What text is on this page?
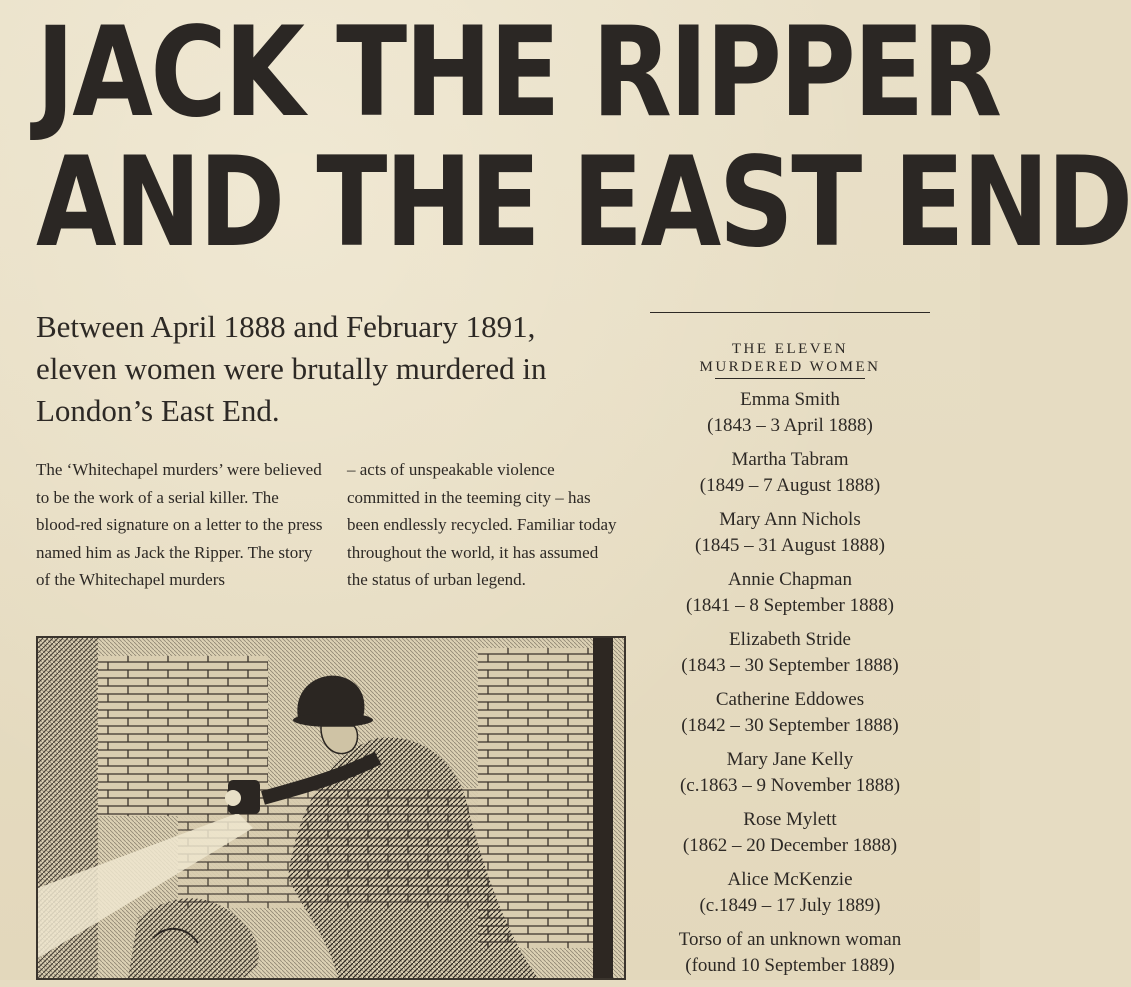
JACK THE RIPPER
AND THE EAST END
Between April 1888 and February 1891, eleven women were brutally murdered in London’s East End.
The ‘Whitechapel murders’ were believed to be the work of a serial killer. The blood-red signature on a letter to the press named him as Jack the Ripper. The story of the Whitechapel murders
– acts of unspeakable violence committed in the teeming city – has been endlessly recycled. Familiar today throughout the world, it has assumed the status of urban legend.
THE ELEVEN
MURDERED WOMEN
Emma Smith
(1843 – 3 April 1888)
Martha Tabram
(1849 – 7 August 1888)
Mary Ann Nichols
(1845 – 31 August 1888)
Annie Chapman
(1841 – 8 September 1888)
Elizabeth Stride
(1843 – 30 September 1888)
Catherine Eddowes
(1842 – 30 September 1888)
Mary Jane Kelly
(c.1863 – 9 November 1888)
Rose Mylett
(1862 – 20 December 1888)
Alice McKenzie
(c.1849 – 17 July 1889)
Torso of an unknown woman
(found 10 September 1889)
